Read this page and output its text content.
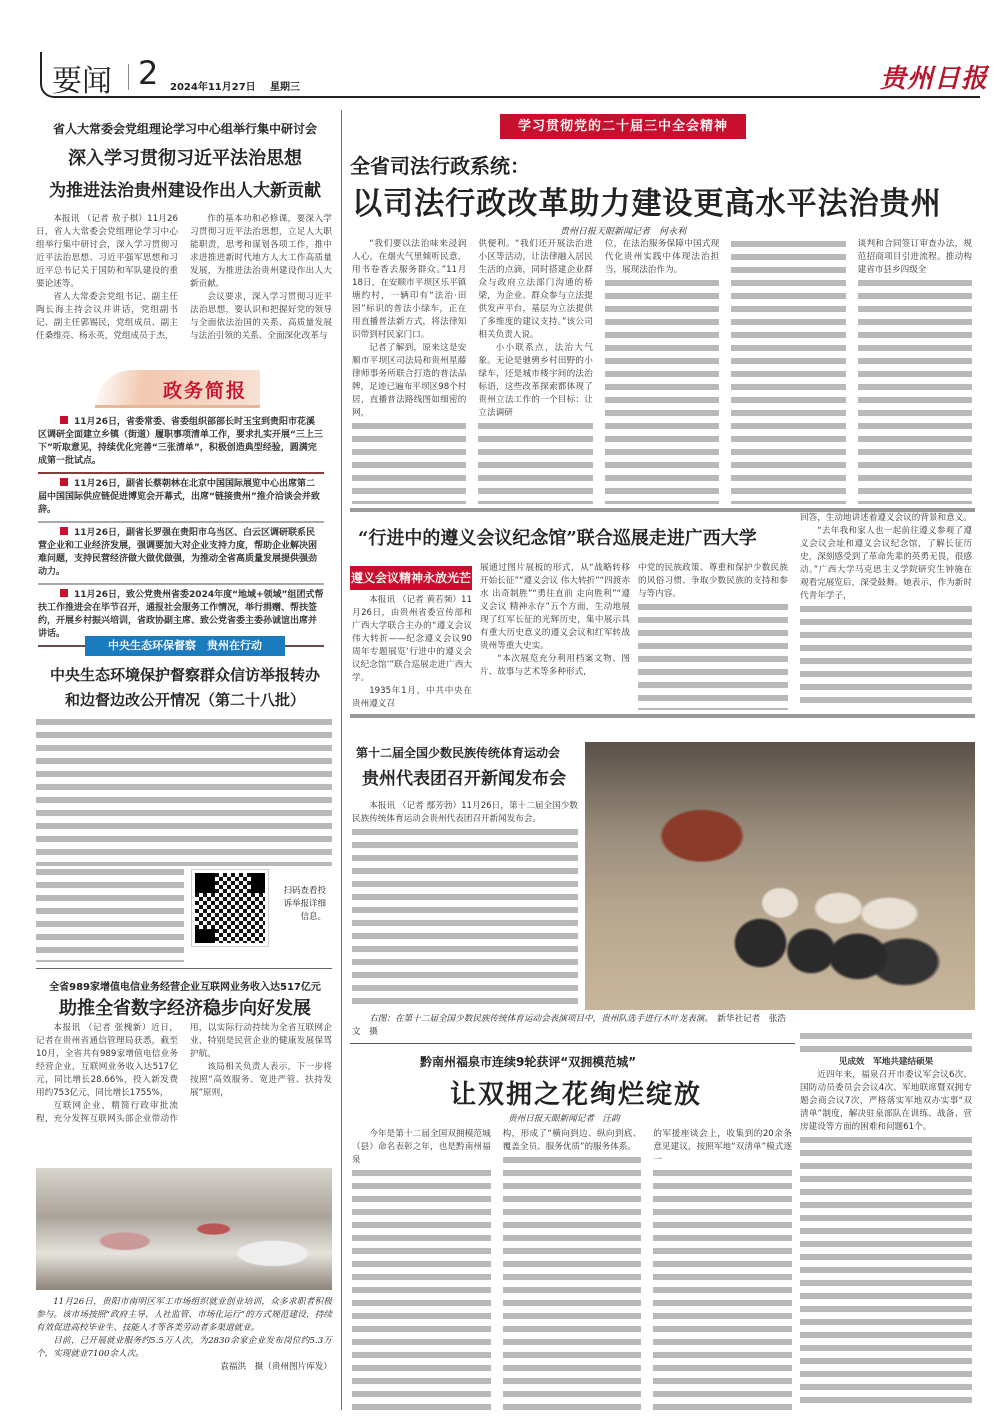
要闻 2 2024年11月27日 星期三	贵州日报
省人大常委会党组理论学习中心组举行集中研讨会
深入学习贯彻习近平法治思想
为推进法治贵州建设作出人大新贡献

本报讯 （记者 敖子棋）11月26日，省人大常委会党组理论学习中心组举行集中研讨会，深入学习贯彻习近平法治思想、习近平强军思想和习近平总书记关于国防和军队建设的重要论述等。

省人大常委会党组书记、副主任陶长海主持会议并讲话，党组副书记、副主任郭锡民，党组成员、副主任桑维亮、杨永英，党组成员于杰，

作的基本功和必修课，要深入学习贯彻习近平法治思想，立足人大职能职责，思考和谋划各项工作，推中求进推进新时代地方人大工作高质量发展，为推进法治贵州建设作出人大新贡献。

会议要求，深入学习贯彻习近平法治思想，要认识和把握好党的领导与全面依法治国的关系、高质量发展与法治引领的关系、全面深化改革与

政务简报
11月26日，省委常委、省委组织部部长时玉宝到贵阳市花溪区调研全面建立乡镇（街道）履职事项清单工作，要求扎实开展“三上三下”听取意见，持续优化完善“三张清单”，积极创造典型经验，圆满完成第一批试点。
11月26日，副省长蔡朝林在北京中国国际展览中心出席第二届中国国际供应链促进博览会开幕式，出席“链接贵州”推介洽谈会并致辞。
11月26日，副省长罗强在贵阳市乌当区、白云区调研联系民营企业和工业经济发展，强调要加大对企业支持力度，帮助企业解决困难问题，支持民营经济做大做优做强，为推动全省高质量发展提供强劲动力。
11月26日，致公党贵州省委2024年度“地域+领域”组团式帮扶工作推进会在毕节召开，通报社会服务工作情况，举行捐赠、帮扶签约，开展乡村振兴培训，省政协副主席、致公党省委主委孙诚谊出席并讲话。
中央生态环保督察　贵州在行动
中央生态环境保护督察群众信访举报转办
和边督边改公开情况（第二十八批）
扫码查看投诉举报详细信息。
全省989家增值电信业务经营企业互联网业务收入达517亿元
助推全省数字经济稳步向好发展

本报讯 （记者 张槐新）近日，记者在贵州省通信管理局获悉，截至10月，全省共有989家增值电信业务经营企业，互联网业务收入达517亿元，同比增长28.66%，投入新发费用约753亿元，同比增长1755%，

互联网企业，精简行政审批流程，充分发挥互联网头部企业带动作用，以实际行动持续为全省互联网企业，特别是民营企业的健康发展保驾护航。

该局相关负责人表示，下一步将按照“高效服务、宽进严管、扶持发展”原则，

11月26日，贵阳市南明区军工市场组织就业创业培训，众多求职者积极参与。该市场按照“政府主导、人社监管、市场化运行”的方式规范建设，持续有效促进高校毕业生、技能人才等各类劳动者多渠道就业。

目前，已开展就业服务约5.5万人次，为2830余家企业发布岗位约5.3万个，实现就业7100余人次。

袁福洪　摄（贵州图片库发）

学习贯彻党的二十届三中全会精神
全省司法行政系统：
以司法行政改革助力建设更高水平法治贵州
贵州日报天眼新闻记者　何永利

“我们要以法治味来浸润人心，在烟火气里倾听民意，用书卷香去服务群众。”11月18日，在安顺市平坝区乐平镇塘约村，一辆印有“法治·田园”标识的普法小绿车，正在用直播普法新方式，将法律知识带到村民家门口。

记者了解到，原来这是安顺市平坝区司法局和贵州星藤律师事务所联合打造的普法品牌，足迹已遍布平坝区98个村居，直播普法路线图如细密的网，

供便利。“我们还开展法治进小区等活动，让法律融入居民生活的点滴，同时搭建企业群众与政府立法部门沟通的桥梁，为企业、群众参与立法提供发声平台，基层为立法提供了多维度的建议支持。”该公司相关负责人说。

小小联系点，法治大气象。无论是驰骋乡村田野的小绿车，还是城市楼宇间的法治标语，这些改革探索都体现了贵州立法工作的一个目标：让立法调研

位，在法治服务保障中国式现代化贵州实践中体现法治担当，展现法治作为。

谈判和合同签订审查办法，规范招商项目引进流程。推动构建省市县乡四级全

“行进中的遵义会议纪念馆”联合巡展走进广西大学
遵义会议精神永放光芒

本报讯 （记者 黄若频）11月26日，由贵州省委宣传部和广西大学联合主办的“遵义会议 伟大转折——纪念遵义会议90周年专题展览‘行进中的遵义会议纪念馆’”联合巡展走进广西大学。

1935年1月，中共中央在贵州遵义召

展通过图片展板的形式，从“战略转移 开始长征”“遵义会议 伟大转折”“四渡赤水 出奇制胜”“勇往直前 走向胜利”“遵义会议 精神永存”五个方面，生动地展现了红军长征的光辉历史，集中展示具有重大历史意义的遵义会议和红军转战贵州等重大史实。

“本次展览充分利用档案文物、图片、故事与艺术等多种形式，

中党的民族政策、尊重和保护少数民族的风俗习惯、争取少数民族的支持和参与等内容。

回答，生动地讲述着遵义会议的背景和意义。

“去年我和家人也一起前往遵义参观了遵义会议会址和遵义会议纪念馆，了解长征历史，深刻感受到了革命先辈的英勇无畏，很感动。”广西大学马克思主义学院研究生钟施在观看完展览后，深受鼓舞。她表示，作为新时代青年学子，

第十二届全国少数民族传统体育运动会
贵州代表团召开新闻发布会

本报讯 （记者 鄢芳勃）11月26日，第十二届全国少数民族传统体育运动会贵州代表团召开新闻发布会。

右图：在第十二届全国少数民族传统体育运动会表演项目中，贵州队选手进行木叶龙表演。　 新华社记者　张浩文　摄

黔南州福泉市连续9轮获评“双拥模范城”
让双拥之花绚烂绽放
贵州日报天眼新闻记者　汪韵

今年是第十二届全国双拥模范城（县）命名表彰之年，也是黔南州福泉

构，形成了“横向到边、纵向到底、覆盖全员、服务优质”的服务体系。

的军援座谈会上，收集到的20余条意见建议，按照军地“双清单”模式逐一

见成效　军地共建结硕果

近四年来，福泉召开市委议军会议6次、国防动员委员会会议4次、军地联席暨双拥专题会商会议7次，严格落实军地双办实事“双清单”制度，解决驻泉部队在训练、战备、营房建设等方面的困难和问题61个。
